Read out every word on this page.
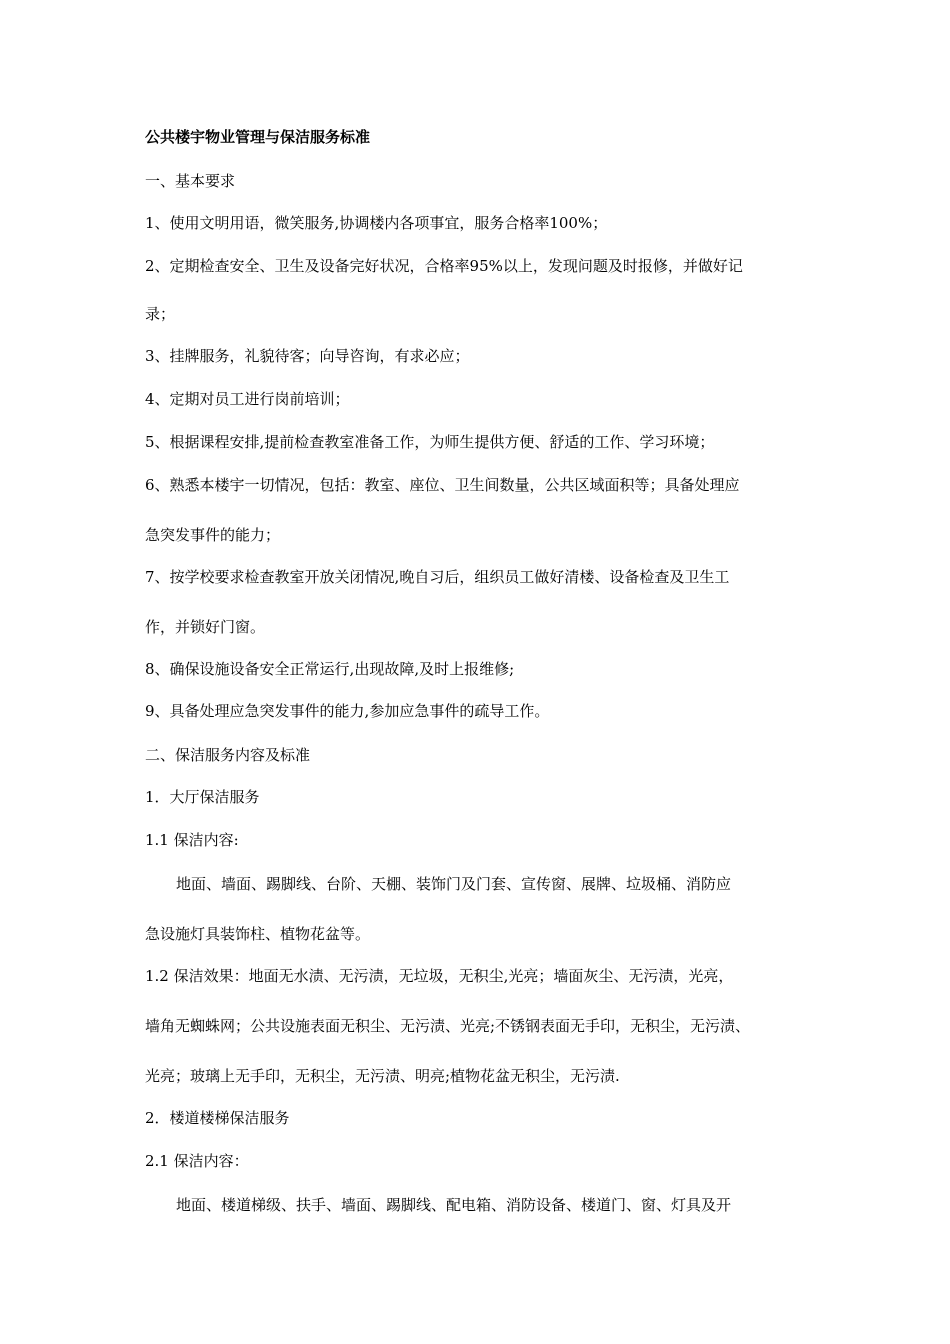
公共楼宇物业管理与保洁服务标准
一、基本要求
1、使用文明用语，微笑服务,协调楼内各项事宜，服务合格率100%；
2、定期检查安全、卫生及设备完好状况，合格率95%以上，发现问题及时报修，并做好记
录；
3、挂牌服务，礼貌待客；向导咨询，有求必应；
4、定期对员工进行岗前培训；
5、根据课程安排,提前检查教室准备工作，为师生提供方便、舒适的工作、学习环境；
6、熟悉本楼宇一切情况，包括：教室、座位、卫生间数量，公共区域面积等；具备处理应
急突发事件的能力；
7、按学校要求检查教室开放关闭情况,晚自习后，组织员工做好清楼、设备检查及卫生工
作，并锁好门窗。
8、确保设施设备安全正常运行,出现故障,及时上报维修;
9、具备处理应急突发事件的能力,参加应急事件的疏导工作。
二、保洁服务内容及标准
1．大厅保洁服务
1.1 保洁内容:
地面、墙面、踢脚线、台阶、天棚、装饰门及门套、宣传窗、展牌、垃圾桶、消防应
急设施灯具装饰柱、植物花盆等。
1.2 保洁效果：地面无水渍、无污渍，无垃圾，无积尘,光亮；墙面灰尘、无污渍，光亮，
墙角无蜘蛛网；公共设施表面无积尘、无污渍、光亮;不锈钢表面无手印，无积尘，无污渍、
光亮；玻璃上无手印，无积尘，无污渍、明亮;植物花盆无积尘，无污渍.
2．楼道楼梯保洁服务
2.1 保洁内容：
地面、楼道梯级、扶手、墙面、踢脚线、配电箱、消防设备、楼道门、窗、灯具及开
